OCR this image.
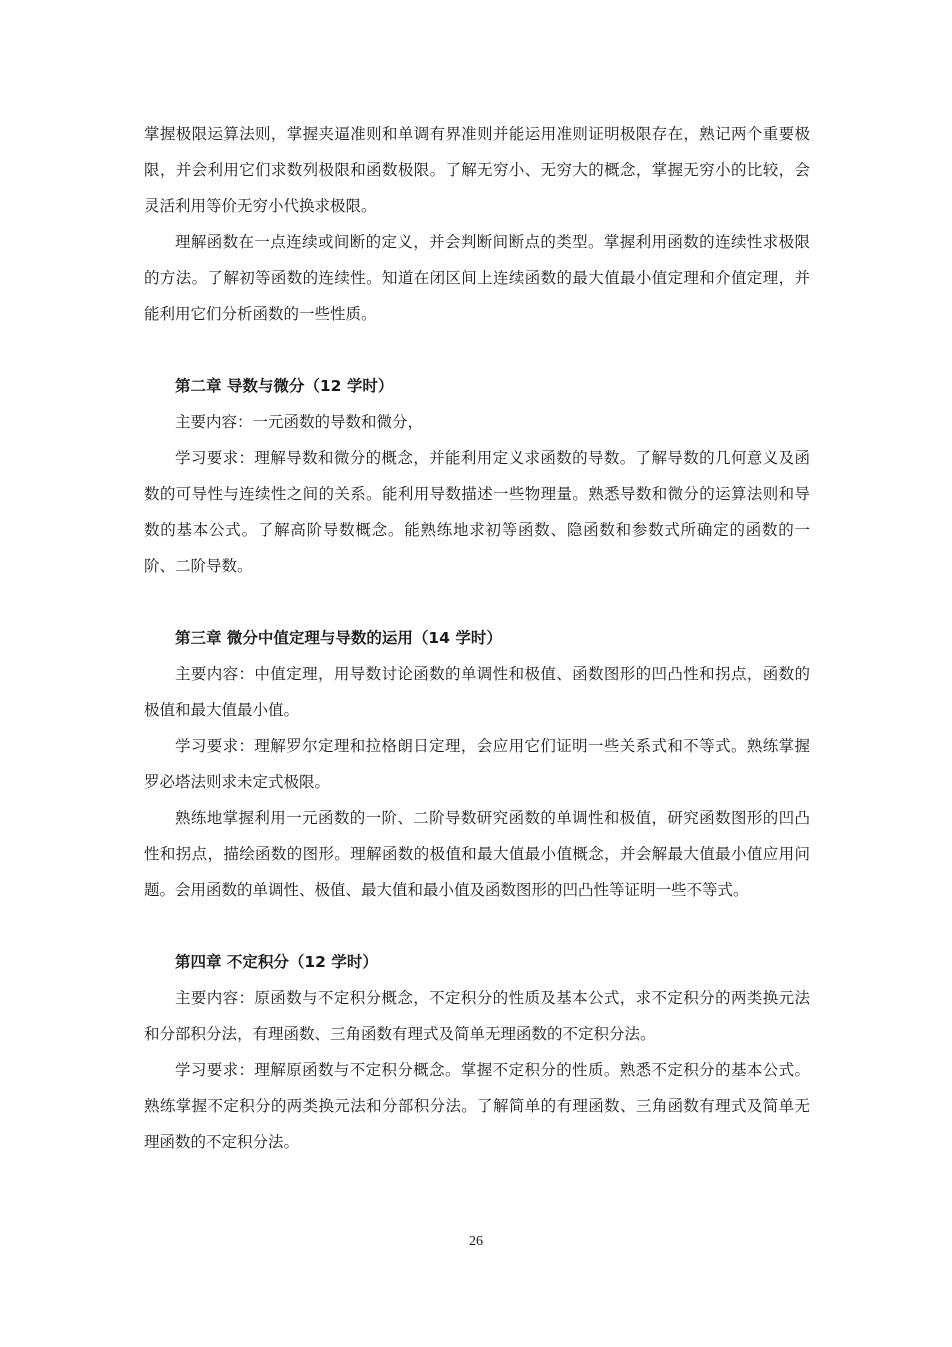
掌握极限运算法则，掌握夹逼准则和单调有界准则并能运用准则证明极限存在，熟记两个重要极限，并会利用它们求数列极限和函数极限。了解无穷小、无穷大的概念，掌握无穷小的比较，会灵活利用等价无穷小代换求极限。

理解函数在一点连续或间断的定义，并会判断间断点的类型。掌握利用函数的连续性求极限的方法。了解初等函数的连续性。知道在闭区间上连续函数的最大值最小值定理和介值定理，并能利用它们分析函数的一些性质。

第二章 导数与微分（12 学时）

主要内容：一元函数的导数和微分，

学习要求：理解导数和微分的概念，并能利用定义求函数的导数。了解导数的几何意义及函数的可导性与连续性之间的关系。能利用导数描述一些物理量。熟悉导数和微分的运算法则和导数的基本公式。了解高阶导数概念。能熟练地求初等函数、隐函数和参数式所确定的函数的一阶、二阶导数。

第三章 微分中值定理与导数的运用（14 学时）

主要内容：中值定理，用导数讨论函数的单调性和极值、函数图形的凹凸性和拐点，函数的极值和最大值最小值。

学习要求：理解罗尔定理和拉格朗日定理，会应用它们证明一些关系式和不等式。熟练掌握罗必塔法则求未定式极限。

熟练地掌握利用一元函数的一阶、二阶导数研究函数的单调性和极值，研究函数图形的凹凸性和拐点，描绘函数的图形。理解函数的极值和最大值最小值概念，并会解最大值最小值应用问题。会用函数的单调性、极值、最大值和最小值及函数图形的凹凸性等证明一些不等式。

第四章 不定积分（12 学时）

主要内容：原函数与不定积分概念，不定积分的性质及基本公式，求不定积分的两类换元法和分部积分法，有理函数、三角函数有理式及简单无理函数的不定积分法。

学习要求：理解原函数与不定积分概念。掌握不定积分的性质。熟悉不定积分的基本公式。熟练掌握不定积分的两类换元法和分部积分法。了解简单的有理函数、三角函数有理式及简单无理函数的不定积分法。

26
